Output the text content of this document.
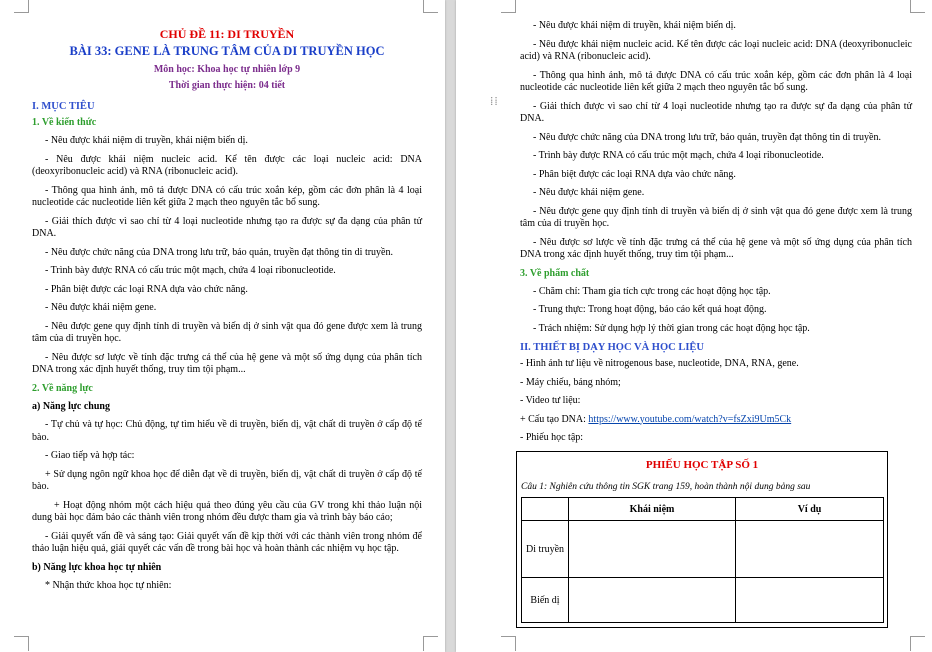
CHỦ ĐỀ 11: DI TRUYỀN

BÀI 33: GENE LÀ TRUNG TÂM CỦA DI TRUYỀN HỌC

Môn học: Khoa học tự nhiên lớp 9

Thời gian thực hiện: 04 tiết

I. MỤC TIÊU

1. Về kiến thức

- Nêu được khái niệm di truyền, khái niệm biến dị.

- Nêu được khái niệm nucleic acid. Kể tên được các loại nucleic acid: DNA (deoxyribonucleic acid) và RNA (ribonucleic acid).

- Thông qua hình ảnh, mô tả được DNA có cấu trúc xoắn kép, gồm các đơn phân là 4 loại nucleotide các nucleotide liên kết giữa 2 mạch theo nguyên tắc bổ sung.

- Giải thích được vì sao chỉ từ 4 loại nucleotide nhưng tạo ra được sự đa dạng của phân tử DNA.

- Nêu được chức năng của DNA trong lưu trữ, bảo quản, truyền đạt thông tin di truyền.

- Trình bày được RNA có cấu trúc một mạch, chứa 4 loại ribonucleotide.

- Phân biệt được các loại RNA dựa vào chức năng.

- Nêu được khái niệm gene.

- Nêu được gene quy định tính di truyền và biến dị ở sinh vật qua đó gene được xem là trung tâm của di truyền học.

- Nêu được sơ lược về tính đặc trưng cá thể của hệ gene và một số ứng dụng của phân tích DNA trong xác định huyết thống, truy tìm tội phạm...

2. Về năng lực

a) Năng lực chung

- Tự chủ và tự học: Chủ động, tự tìm hiểu về di truyền, biến dị, vật chất di truyền ở cấp độ tế bào.

- Giao tiếp và hợp tác:

+ Sử dụng ngôn ngữ khoa học để diễn đạt về di truyền, biến dị, vật chất di truyền ở cấp độ tế bào.

+ Hoạt động nhóm một cách hiệu quả theo đúng yêu cầu của GV trong khi thảo luận nội dung bài học đảm bảo các thành viên trong nhóm đều được tham gia và trình bày báo cáo;

- Giải quyết vấn đề và sáng tạo: Giải quyết vấn đề kịp thời với các thành viên trong nhóm để thảo luận hiệu quả, giải quyết các vấn đề trong bài học và hoàn thành các nhiệm vụ học tập.

b) Năng lực khoa học tự nhiên

* Nhận thức khoa học tự nhiên:

- Nêu được khái niệm di truyền, khái niệm biến dị.

- Nêu được khái niệm nucleic acid. Kể tên được các loại nucleic acid: DNA (deoxyribonucleic acid) và RNA (ribonucleic acid).

- Thông qua hình ảnh, mô tả được DNA có cấu trúc xoắn kép, gồm các đơn phân là 4 loại nucleotide các nucleotide liên kết giữa 2 mạch theo nguyên tắc bổ sung.

- Giải thích được vì sao chỉ từ 4 loại nucleotide nhưng tạo ra được sự đa dạng của phân tử DNA.

- Nêu được chức năng của DNA trong lưu trữ, bảo quản, truyền đạt thông tin di truyền.

- Trình bày được RNA có cấu trúc một mạch, chứa 4 loại ribonucleotide.

- Phân biệt được các loại RNA dựa vào chức năng.

- Nêu được khái niệm gene.

- Nêu được gene quy định tính di truyền và biến dị ở sinh vật qua đó gene được xem là trung tâm của di truyền học.

- Nêu được sơ lược về tính đặc trưng cá thể của hệ gene và một số ứng dụng của phân tích DNA trong xác định huyết thống, truy tìm tội phạm...

3. Về phẩm chất

- Chăm chỉ: Tham gia tích cực trong các hoạt động học tập.

- Trung thực: Trong hoạt động, báo cáo kết quả hoạt động.

- Trách nhiệm: Sử dụng hợp lý thời gian trong các hoạt động học tập.

II. THIẾT BỊ DẠY HỌC VÀ HỌC LIỆU

- Hình ảnh tư liệu về nitrogenous base, nucleotide, DNA, RNA, gene.

- Máy chiếu, bảng nhóm;

- Video tư liệu:

+ Cấu tạo DNA: https://www.youtube.com/watch?v=fsZxi9Um5Ck

- Phiếu học tập:

PHIẾU HỌC TẬP SỐ 1

Câu 1: Nghiên cứu thông tin SGK trang 159, hoàn thành nội dung bảng sau

	Khái niệm	Ví dụ
Di truyền		
Biến dị		
⁞⁞
